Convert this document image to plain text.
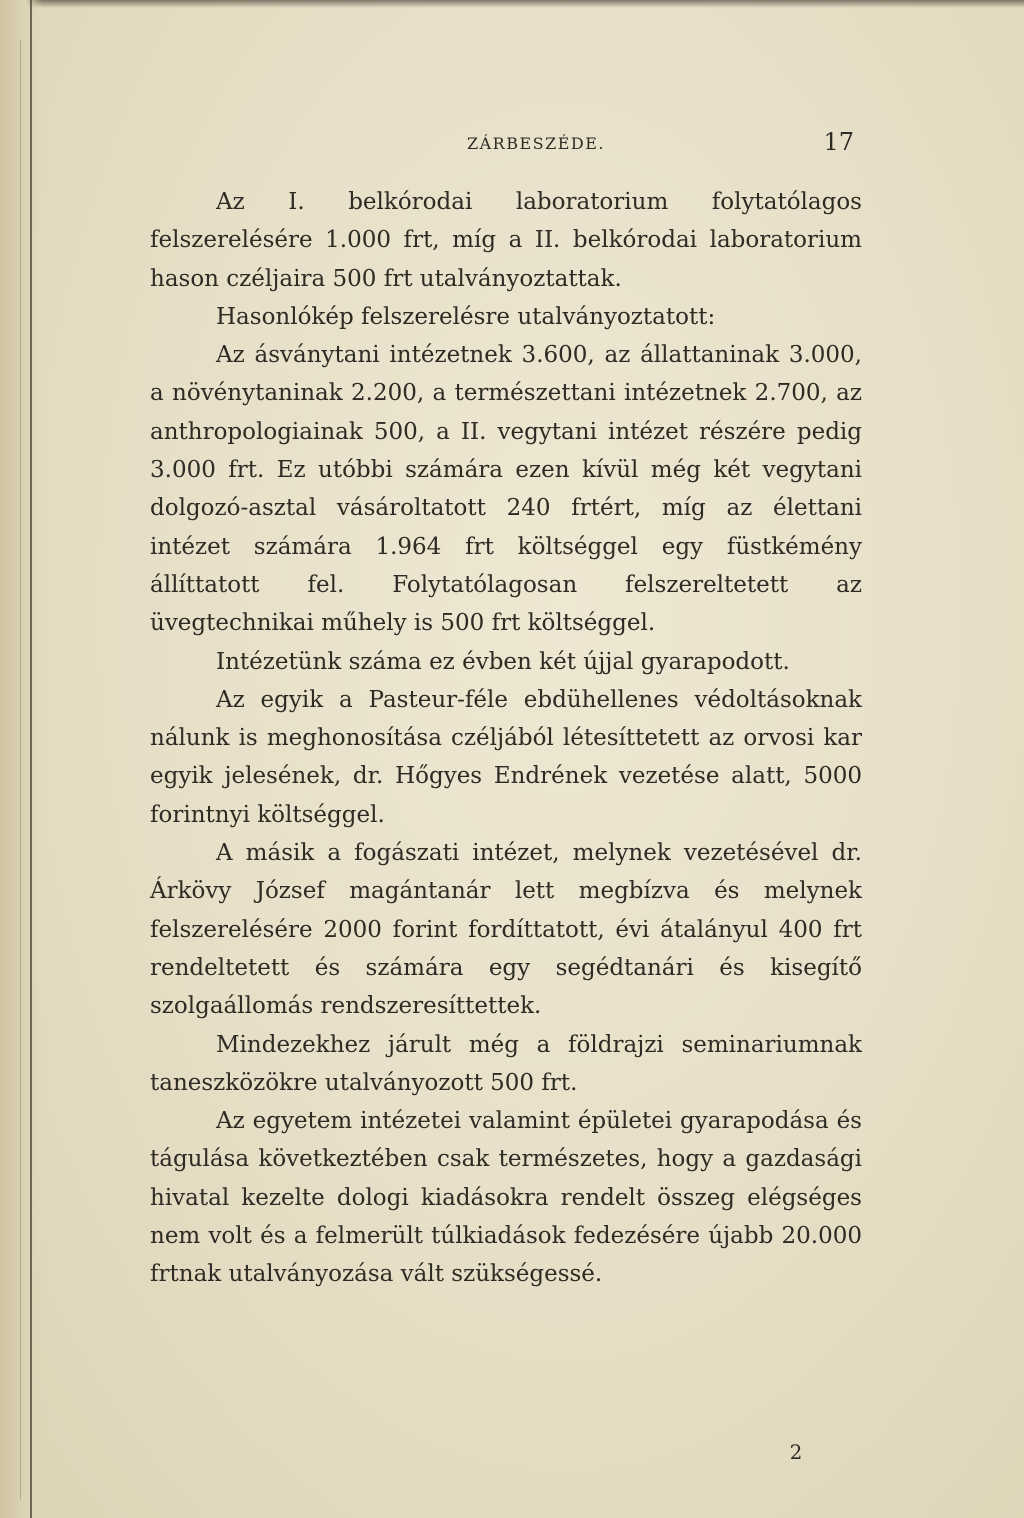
ZÁRBESZÉDE.	17

Az I. belkórodai laboratorium folytatólagos felszerelésére 1.000 frt, míg a II. belkórodai laboratorium hason czéljaira 500 frt utalványoztattak.

Hasonlókép felszerelésre utalványoztatott:

Az ásványtani intézetnek 3.600, az állattaninak 3.000, a növénytaninak 2.200, a természettani intézetnek 2.700, az anthropologiainak 500, a II. vegytani intézet részére pedig 3.000 frt. Ez utóbbi számára ezen kívül még két vegytani dolgozó-asztal vásároltatott 240 frtért, míg az élettani intézet számára 1.964 frt költséggel egy füstkémény állíttatott fel. Folytatólagosan felszereltetett az üvegtechnikai műhely is 500 frt költséggel.

Intézetünk száma ez évben két újjal gyarapodott.

Az egyik a Pasteur-féle ebdühellenes védoltásoknak nálunk is meghonosítása czéljából létesíttetett az orvosi kar egyik jelesének, dr. Hőgyes Endrének vezetése alatt, 5000 forintnyi költséggel.

A másik a fogászati intézet, melynek vezetésével dr. Árkövy József magántanár lett megbízva és melynek felszerelésére 2000 forint fordíttatott, évi átalányul 400 frt rendeltetett és számára egy segédtanári és kisegítő szolgaállomás rendszeresíttettek.

Mindezekhez járult még a földrajzi seminariumnak taneszközökre utalványozott 500 frt.

Az egyetem intézetei valamint épületei gyarapodása és tágulása következtében csak természetes, hogy a gazdasági hivatal kezelte dologi kiadásokra rendelt összeg elégséges nem volt és a felmerült túlkiadások fedezésére újabb 20.000 frtnak utalványozása vált szükségessé.

2
